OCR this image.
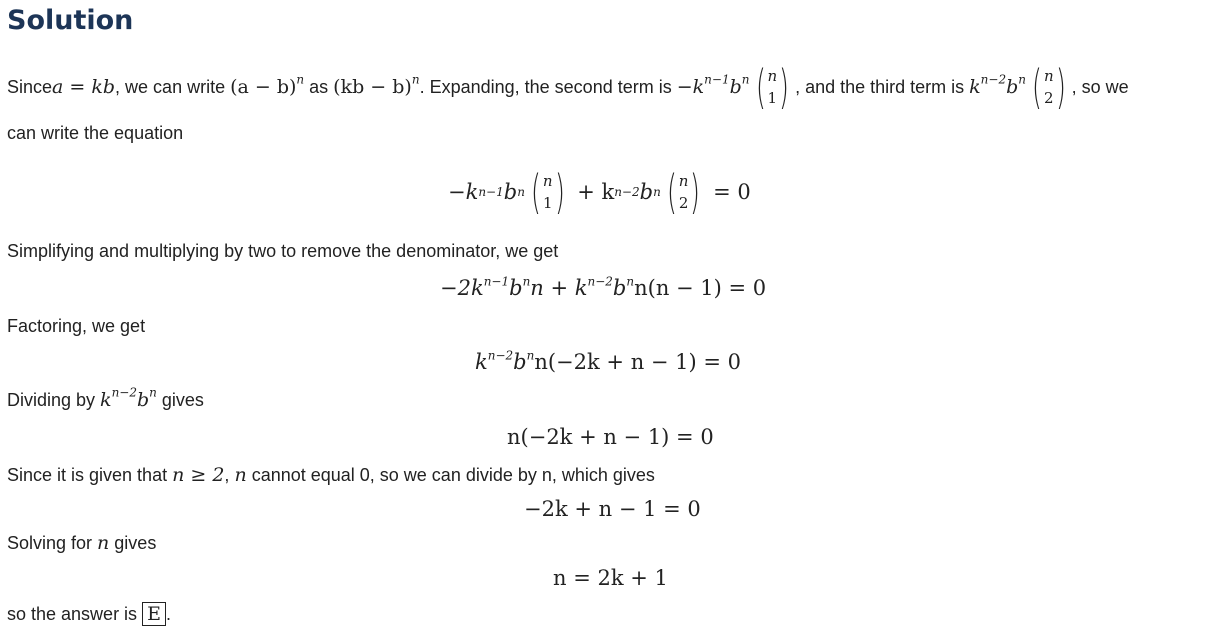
Solution
Since a = kb , we can write $(a - b)^n$ as (kb − b)$^n$ . Expanding, the second term is $-k^{n-1}b^n$ ( n
1 ) , and the third term is $k^{n-2}b^n$ ( n
2 ) , so we
can write the equation
−k n−1 b n ( n
1 )
+ k n−2 b n ( n
2 )
= 0
Simplifying and multiplying by two to remove the denominator, we get
$-2k^{n-1}b^nn + k^{n-2}b^nn(n - 1) = 0$
Factoring, we get
$k^{n-2}b^nn(-2k + n - 1) = 0$
Dividing by $k^{n-2}b^n$ gives
n(−2k + n − 1) = 0
Since it is given that n ≥ 2, n cannot equal 0, so we can divide by n, which gives
−2k + n − 1 = 0
Solving for n gives
n = 2k + 1
so the answer is E .
